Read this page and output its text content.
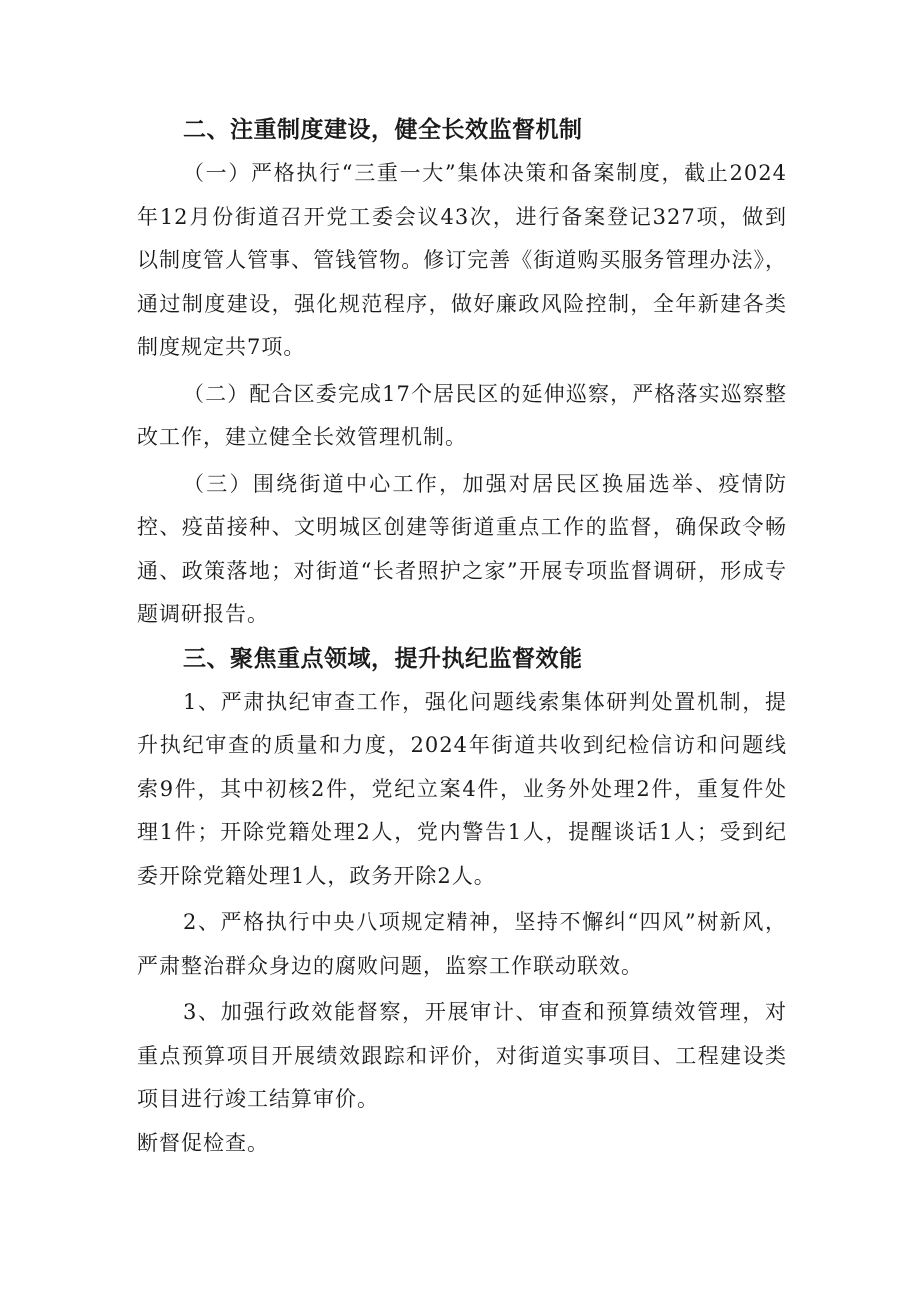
二、注重制度建设，健全长效监督机制

（一）严格执行“三重一大”集体决策和备案制度，截止2024年12月份街道召开党工委会议43次，进行备案登记327项，做到以制度管人管事、管钱管物。修订完善《街道购买服务管理办法》，通过制度建设，强化规范程序，做好廉政风险控制，全年新建各类制度规定共7项。

（二）配合区委完成17个居民区的延伸巡察，严格落实巡察整改工作，建立健全长效管理机制。

（三）围绕街道中心工作，加强对居民区换届选举、疫情防控、疫苗接种、文明城区创建等街道重点工作的监督，确保政令畅通、政策落地；对街道“长者照护之家”开展专项监督调研，形成专题调研报告。

三、聚焦重点领域，提升执纪监督效能

1、严肃执纪审查工作，强化问题线索集体研判处置机制，提升执纪审查的质量和力度，2024年街道共收到纪检信访和问题线索9件，其中初核2件，党纪立案4件，业务外处理2件，重复件处理1件；开除党籍处理2人，党内警告1人，提醒谈话1人；受到纪委开除党籍处理1人，政务开除2人。

2、严格执行中央八项规定精神，坚持不懈纠“四风”树新风，严肃整治群众身边的腐败问题，监察工作联动联效。

3、加强行政效能督察，开展审计、审查和预算绩效管理，对重点预算项目开展绩效跟踪和评价，对街道实事项目、工程建设类项目进行竣工结算审价。

断督促检查。
